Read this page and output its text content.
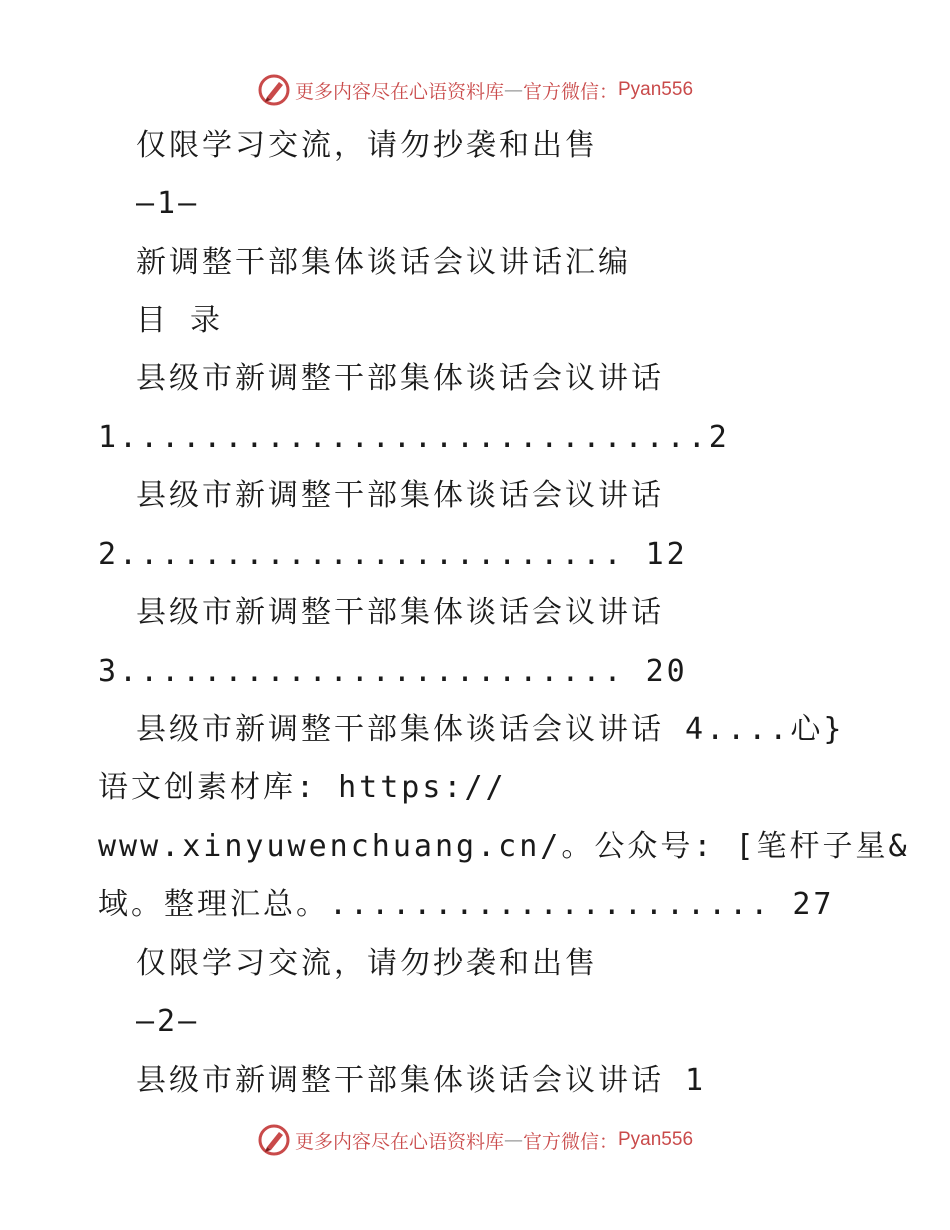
更多内容尽在心语资料库 — 官方微信： Pyan556
仅限学习交流，请勿抄袭和出售
—1—
新调整干部集体谈话会议讲话汇编
目 录
县级市新调整干部集体谈话会议讲话
1............................2
县级市新调整干部集体谈话会议讲话
2........................ 12
县级市新调整干部集体谈话会议讲话
3........................ 20
县级市新调整干部集体谈话会议讲话 4....心}
语文创素材库: https://
www.xinyuwenchuang.cn/。公众号: [笔杆子星&
域。整理汇总。..................... 27
仅限学习交流，请勿抄袭和出售
—2—
县级市新调整干部集体谈话会议讲话 1
更多内容尽在心语资料库 — 官方微信： Pyan556
